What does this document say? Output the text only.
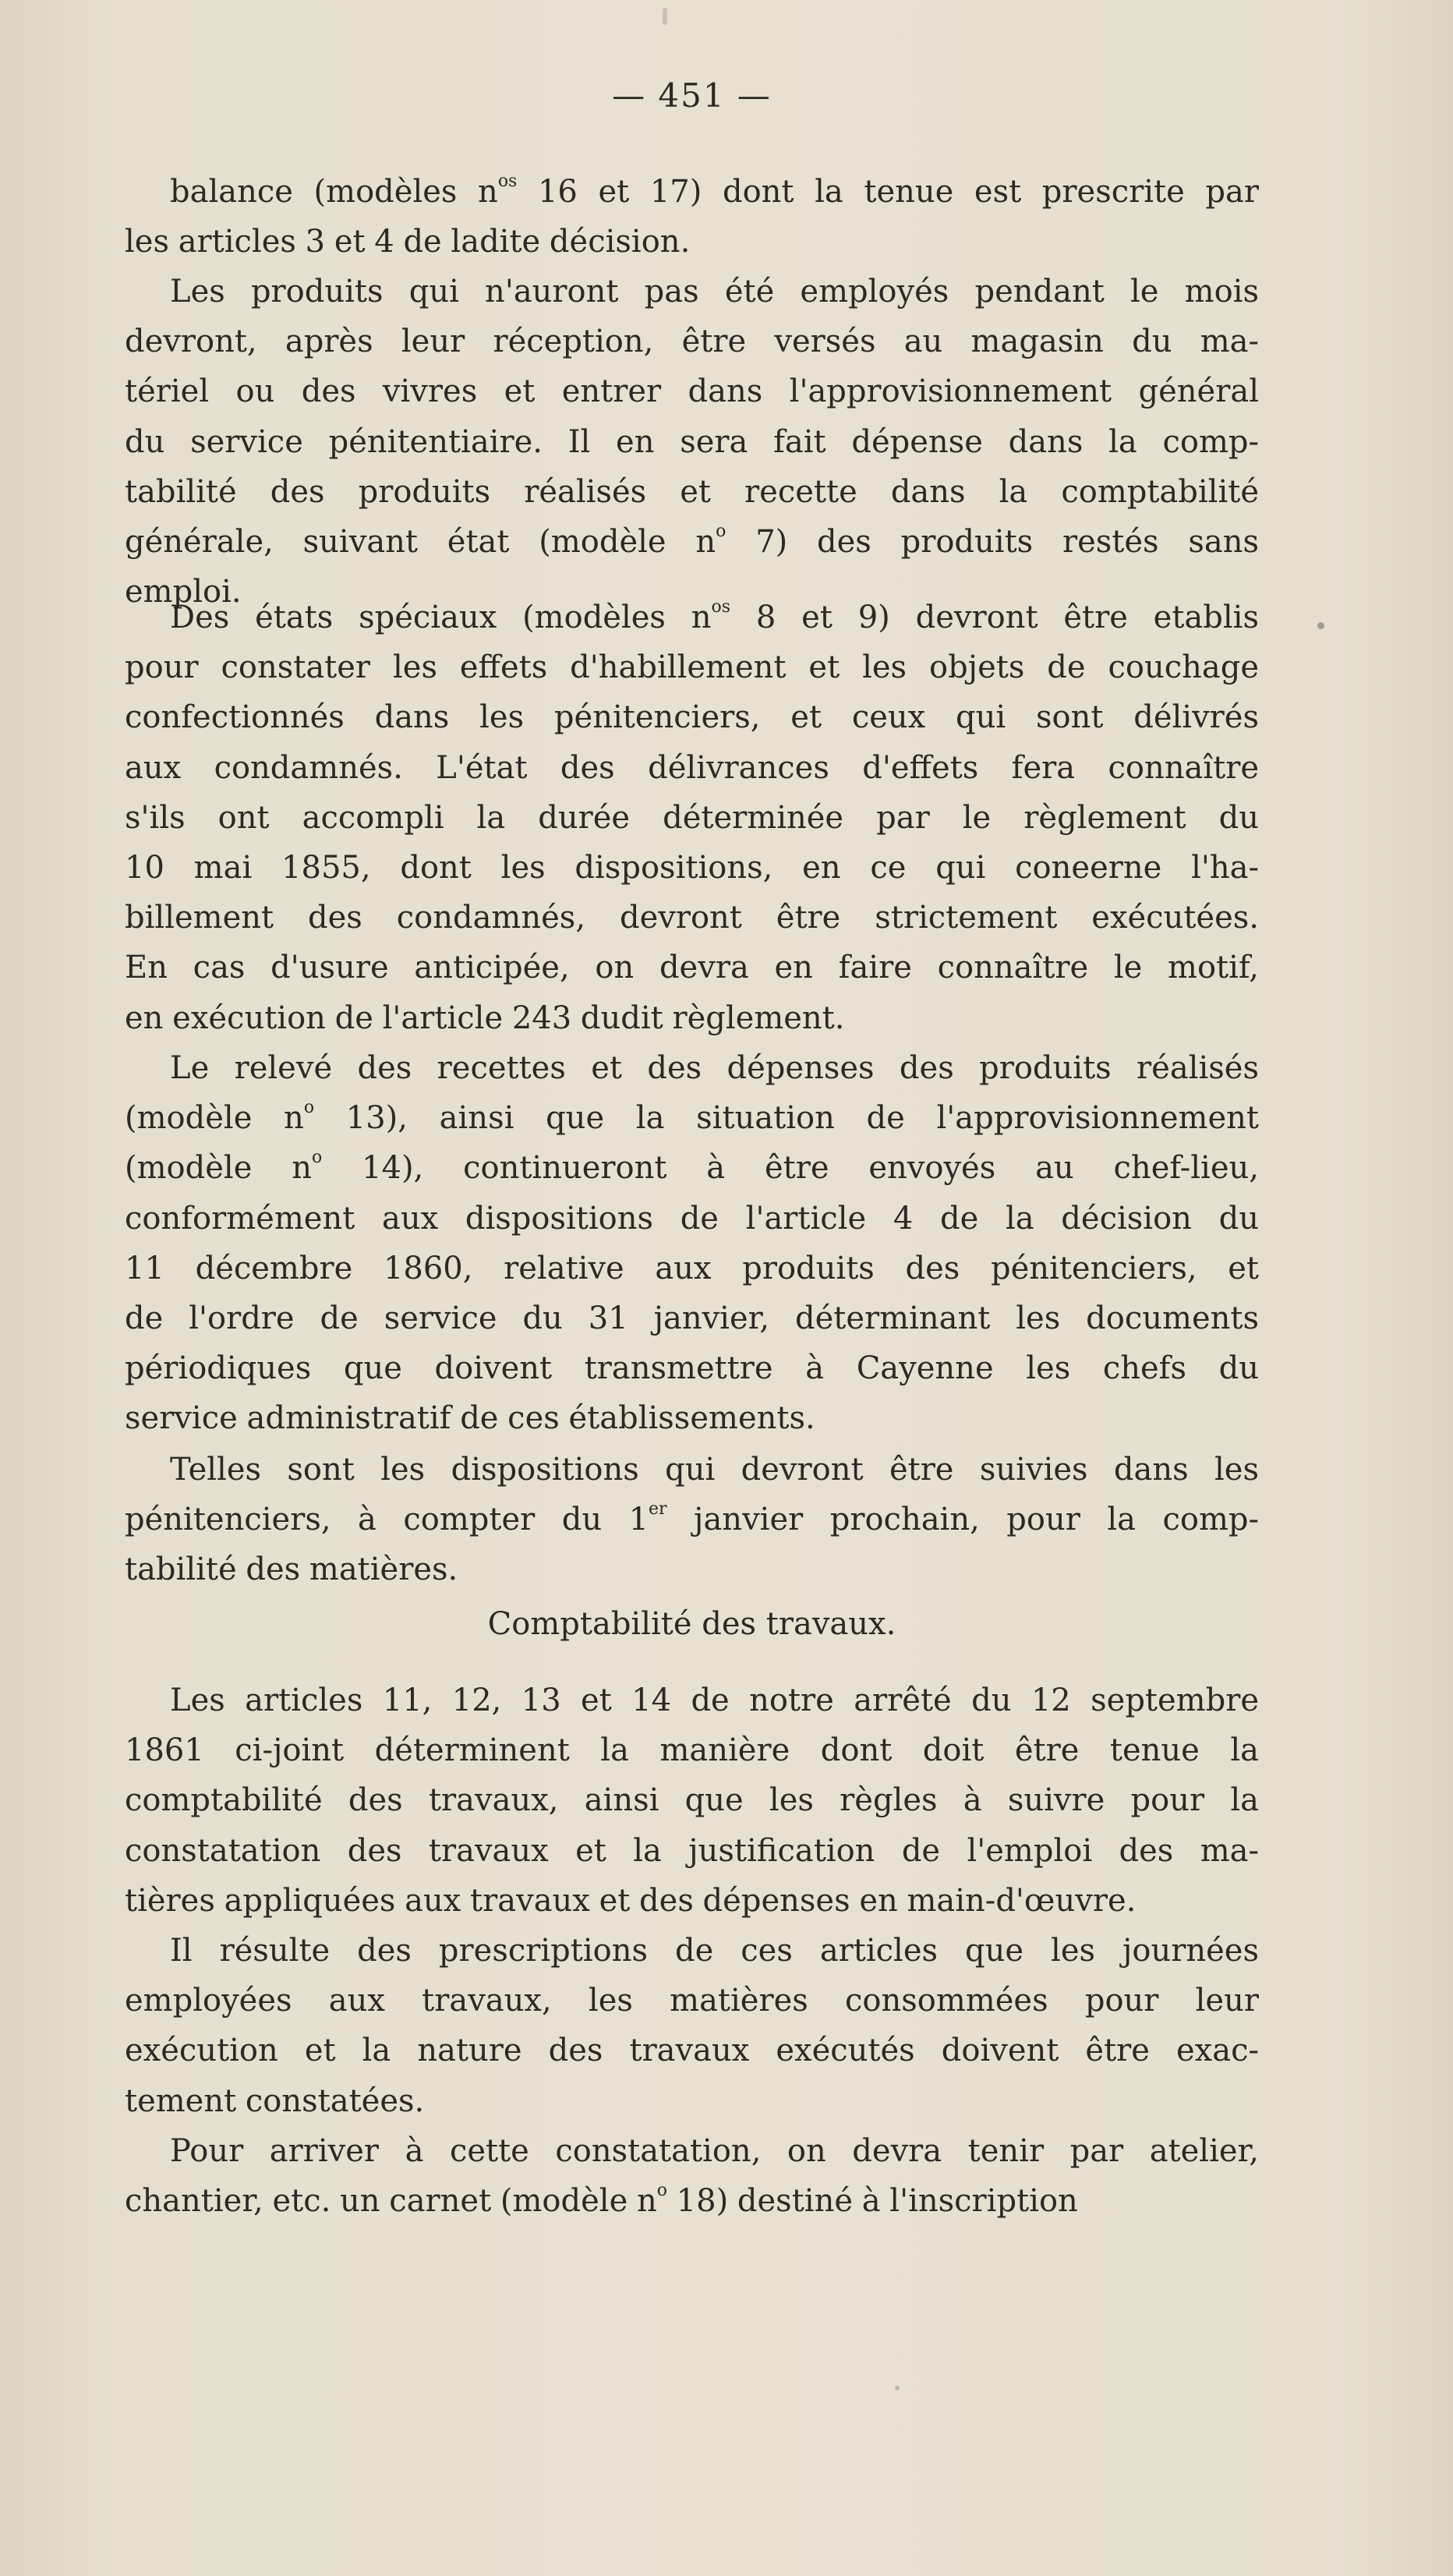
— 451 —
balance (modèles $n^{os}$ 16 et 17) dont la tenue est prescrite par
les articles 3 et 4 de ladite décision.
Les produits qui n'auront pas été employés pendant le mois
devront, après leur réception, être versés au magasin du ma-
tériel ou des vivres et entrer dans l'approvisionnement général
du service pénitentiaire. Il en sera fait dépense dans la comp-
tabilité des produits réalisés et recette dans la comptabilité
générale, suivant état (modèle $n^o$ 7) des produits restés sans
emploi.
Des états spéciaux (modèles $n^{os}$ 8 et 9) devront être etablis
pour constater les effets d'habillement et les objets de couchage
confectionnés dans les pénitenciers, et ceux qui sont délivrés
aux condamnés. L'état des délivrances d'effets fera connaître
s'ils ont accompli la durée déterminée par le règlement du
10 mai 1855, dont les dispositions, en ce qui coneerne l'ha-
billement des condamnés, devront être strictement exécutées.
En cas d'usure anticipée, on devra en faire connaître le motif,
en exécution de l'article 243 dudit règlement.
Le relevé des recettes et des dépenses des produits réalisés
(modèle $n^o$ 13), ainsi que la situation de l'approvisionnement
(modèle $n^o$ 14), continueront à être envoyés au chef-lieu,
conformément aux dispositions de l'article 4 de la décision du
11 décembre 1860, relative aux produits des pénitenciers, et
de l'ordre de service du 31 janvier, déterminant les documents
périodiques que doivent transmettre à Cayenne les chefs du
service administratif de ces établissements.
Telles sont les dispositions qui devront être suivies dans les
pénitenciers, à compter du 1er janvier prochain, pour la comp-
tabilité des matières.
Comptabilité des travaux.
Les articles 11, 12, 13 et 14 de notre arrêté du 12 septembre
1861 ci-joint déterminent la manière dont doit être tenue la
comptabilité des travaux, ainsi que les règles à suivre pour la
constatation des travaux et la justification de l'emploi des ma-
tières appliquées aux travaux et des dépenses en main-d'œuvre.
Il résulte des prescriptions de ces articles que les journées
employées aux travaux, les matières consommées pour leur
exécution et la nature des travaux exécutés doivent être exac-
tement constatées.
Pour arriver à cette constatation, on devra tenir par atelier,
chantier, etc. un carnet (modèle $n^o$ 18) destiné à l'inscription
